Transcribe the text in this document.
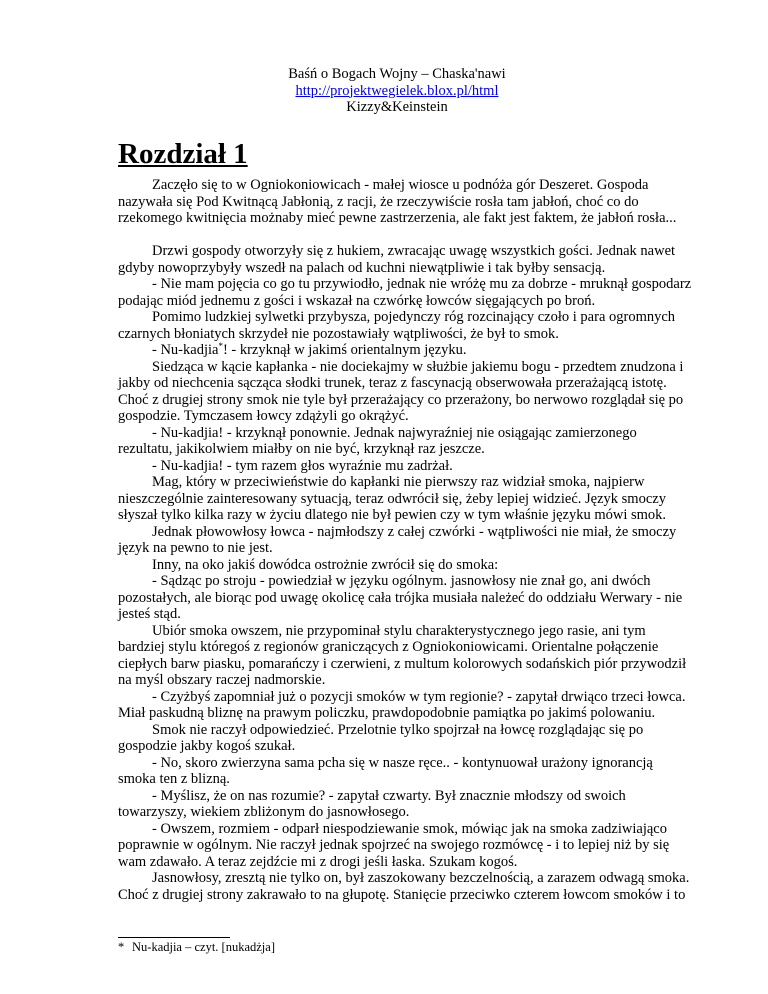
Baśń o Bogach Wojny – Chaska'nawi
http://projektwegielek.blox.pl/html
Kizzy&Keinstein
Rozdział 1
Zaczęło się to w Ogniokoniowicach - małej wiosce u podnóża gór Deszeret. Gospoda
nazywała się Pod Kwitnącą Jabłonią, z racji, że rzeczywiście rosła tam jabłoń, choć co do
rzekomego kwitnięcia możnaby mieć pewne zastrzerzenia, ale fakt jest faktem, że jabłoń rosła...

Drzwi gospody otworzyły się z hukiem, zwracając uwagę wszystkich gości. Jednak nawet
gdyby nowoprzybyły wszedł na palach od kuchni niewątpliwie i tak byłby sensacją.
- Nie mam pojęcia co go tu przywiodło, jednak nie wróżę mu za dobrze - mruknął gospodarz
podając miód jednemu z gości i wskazał na czwórkę łowców sięgających po broń.
Pomimo ludzkiej sylwetki przybysza, pojedynczy róg rozcinający czoło i para ogromnych
czarnych błoniatych skrzydeł nie pozostawiały wątpliwości, że był to smok.
- Nu-kadjia*! - krzyknął w jakimś orientalnym języku.
Siedząca w kącie kapłanka - nie dociekajmy w służbie jakiemu bogu - przedtem znudzona i
jakby od niechcenia sącząca słodki trunek, teraz z fascynacją obserwowała przerażającą istotę.
Choć z drugiej strony smok nie tyle był przerażający co przerażony, bo nerwowo rozglądał się po
gospodzie. Tymczasem łowcy zdążyli go okrążyć.
- Nu-kadjia! - krzyknął ponownie. Jednak najwyraźniej nie osiągając zamierzonego
rezultatu, jakikolwiem miałby on nie być, krzyknął raz jeszcze.
- Nu-kadjia! - tym razem głos wyraźnie mu zadrżał.
Mag, który w przeciwieństwie do kapłanki nie pierwszy raz widział smoka, najpierw
nieszczególnie zainteresowany sytuacją, teraz odwrócił się, żeby lepiej widzieć. Język smoczy
słyszał tylko kilka razy w życiu dlatego nie był pewien czy w tym właśnie języku mówi smok.
Jednak płowowłosy łowca - najmłodszy z całej czwórki - wątpliwości nie miał, że smoczy
język na pewno to nie jest.
Inny, na oko jakiś dowódca ostrożnie zwrócił się do smoka:
- Sądząc po stroju - powiedział w języku ogólnym. jasnowłosy nie znał go, ani dwóch
pozostałych, ale biorąc pod uwagę okolicę cała trójka musiała należeć do oddziału Werwary - nie
jesteś stąd.
Ubiór smoka owszem, nie przypominał stylu charakterystycznego jego rasie, ani tym
bardziej stylu któregoś z regionów graniczących z Ogniokoniowicami. Orientalne połączenie
ciepłych barw piasku, pomarańczy i czerwieni, z multum kolorowych sodańskich piór przywodził
na myśl obszary raczej nadmorskie.
- Czyżbyś zapomniał już o pozycji smoków w tym regionie? - zapytał drwiąco trzeci łowca.
Miał paskudną bliznę na prawym policzku, prawdopodobnie pamiątka po jakimś polowaniu.
Smok nie raczył odpowiedzieć. Przelotnie tylko spojrzał na łowcę rozglądając się po
gospodzie jakby kogoś szukał.
- No, skoro zwierzyna sama pcha się w nasze ręce.. - kontynuował urażony ignorancją
smoka ten z blizną.
- Myślisz, że on nas rozumie? - zapytał czwarty. Był znacznie młodszy od swoich
towarzyszy, wiekiem zbliżonym do jasnowłosego.
- Owszem, rozmiem - odparł niespodziewanie smok, mówiąc jak na smoka zadziwiająco
poprawnie w ogólnym. Nie raczył jednak spojrzeć na swojego rozmówcę - i to lepiej niż by się
wam zdawało. A teraz zejdźcie mi z drogi jeśli łaska. Szukam kogoś.
Jasnowłosy, zresztą nie tylko on, był zaszokowany bezczelnością, a zarazem odwagą smoka.
Choć z drugiej strony zakrawało to na głupotę. Stanięcie przeciwko czterem łowcom smoków i to
* Nu-kadjia – czyt. [nukadżja]
